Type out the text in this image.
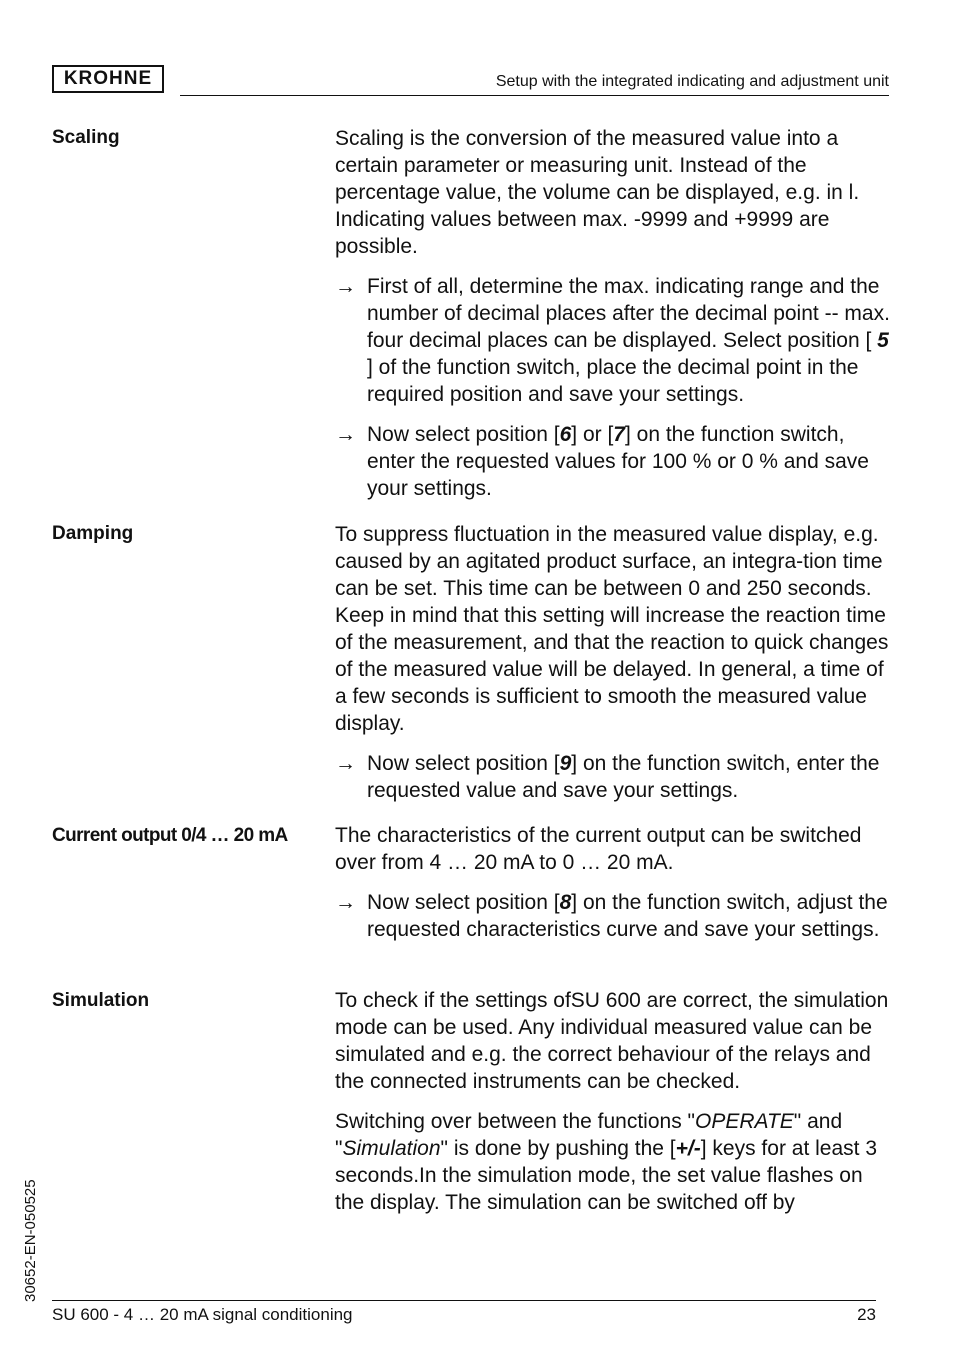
KROHNE	Setup with the integrated indicating and adjustment unit
Scaling	Scaling is the conversion of the measured value into a certain parameter or measuring unit. Instead of the percentage value, the volume can be displayed, e.g. in l. Indicating values between max. -9999 and +9999 are possible.

→ First of all, determine the max. indicating range and the number of decimal places after the decimal point -- max. four decimal places can be displayed. Select position [ 5 ] of the function switch, place the decimal point in the required position and save your settings.
→ Now select position [6] or [7] on the function switch, enter the requested values for 100 % or 0 % and save your settings.
Damping	To suppress fluctuation in the measured value display, e.g. caused by an agitated product surface, an integra-tion time can be set. This time can be between 0 and 250 seconds. Keep in mind that this setting will increase the reaction time of the measurement, and that the reaction to quick changes of the measured value will be delayed. In general, a time of a few seconds is sufficient to smooth the measured value display.

→ Now select position [9] on the function switch, enter the requested value and save your settings.
Current output 0/4 … 20 mA The characteristics of the current output can be switched over from 4 … 20 mA to 0 … 20 mA.

→ Now select position [8] on the function switch, adjust the requested characteristics curve and save your settings.
Simulation	To check if the settings ofSU 600 are correct, the simulation mode can be used. Any individual measured value can be simulated and e.g. the correct behaviour of the relays and the connected instruments can be checked.

Switching over between the functions "OPERATE" and "Simulation" is done by pushing the [+/-] keys for at least 3 seconds.In the simulation mode, the set value flashes on the display. The simulation can be switched off by

30652-EN-050525
SU 600 - 4 … 20 mA signal conditioning	23
